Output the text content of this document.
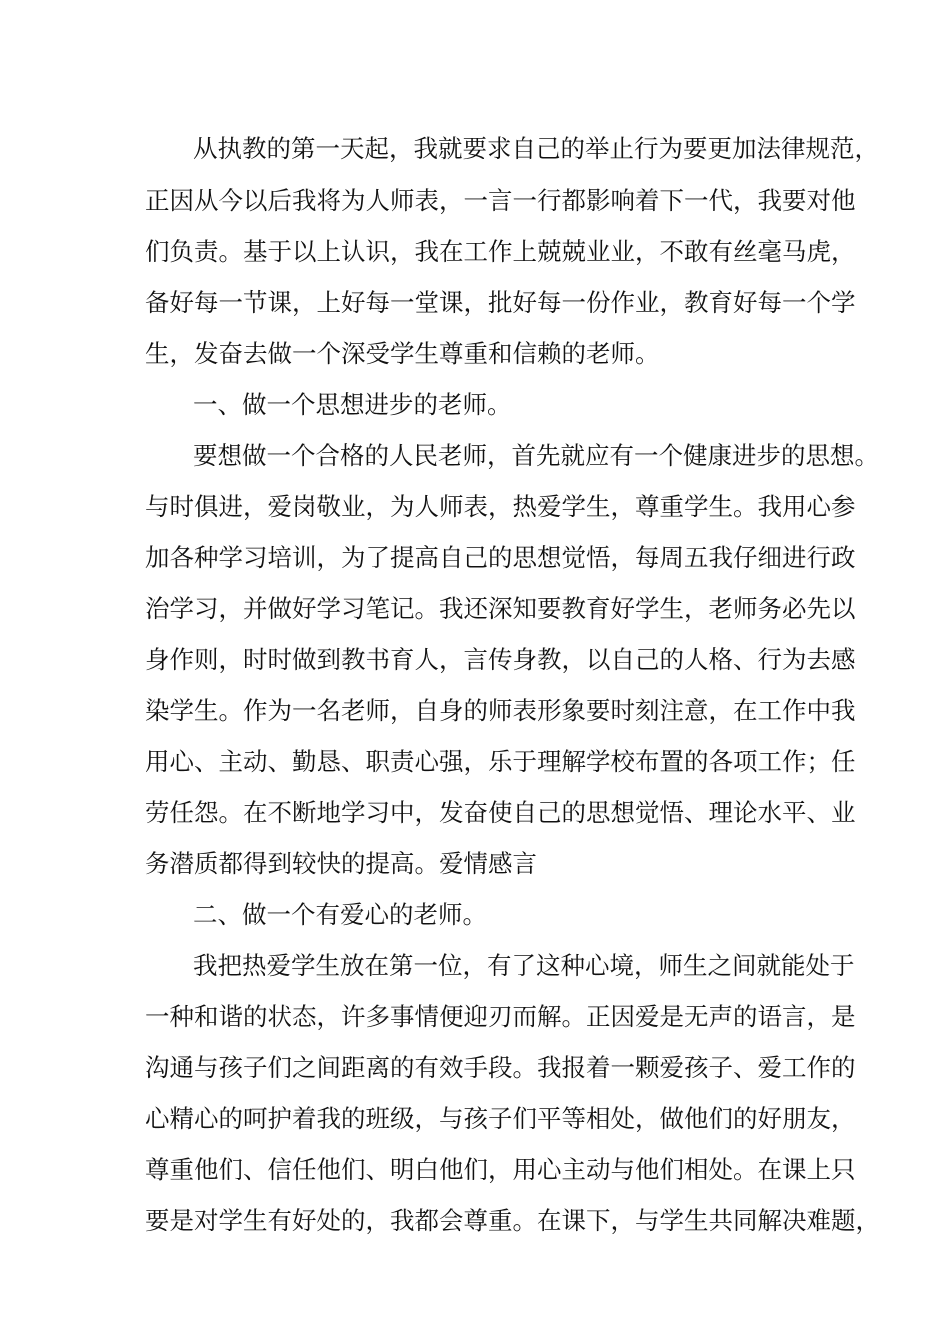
从执教的第一天起，我就要求自己的举止行为要更加法律规范，
正因从今以后我将为人师表，一言一行都影响着下一代，我要对他
们负责。基于以上认识，我在工作上兢兢业业，不敢有丝毫马虎，
备好每一节课，上好每一堂课，批好每一份作业，教育好每一个学
生，发奋去做一个深受学生尊重和信赖的老师。
一、做一个思想进步的老师。
要想做一个合格的人民老师，首先就应有一个健康进步的思想。
与时俱进，爱岗敬业，为人师表，热爱学生，尊重学生。我用心参
加各种学习培训，为了提高自己的思想觉悟，每周五我仔细进行政
治学习，并做好学习笔记。我还深知要教育好学生，老师务必先以
身作则，时时做到教书育人，言传身教，以自己的人格、行为去感
染学生。作为一名老师，自身的师表形象要时刻注意，在工作中我
用心、主动、勤恳、职责心强，乐于理解学校布置的各项工作；任
劳任怨。在不断地学习中，发奋使自己的思想觉悟、理论水平、业
务潜质都得到较快的提高。爱情感言
二、做一个有爱心的老师。
我把热爱学生放在第一位，有了这种心境，师生之间就能处于
一种和谐的状态，许多事情便迎刃而解。正因爱是无声的语言，是
沟通与孩子们之间距离的有效手段。我报着一颗爱孩子、爱工作的
心精心的呵护着我的班级，与孩子们平等相处，做他们的好朋友，
尊重他们、信任他们、明白他们，用心主动与他们相处。在课上只
要是对学生有好处的，我都会尊重。在课下，与学生共同解决难题，
